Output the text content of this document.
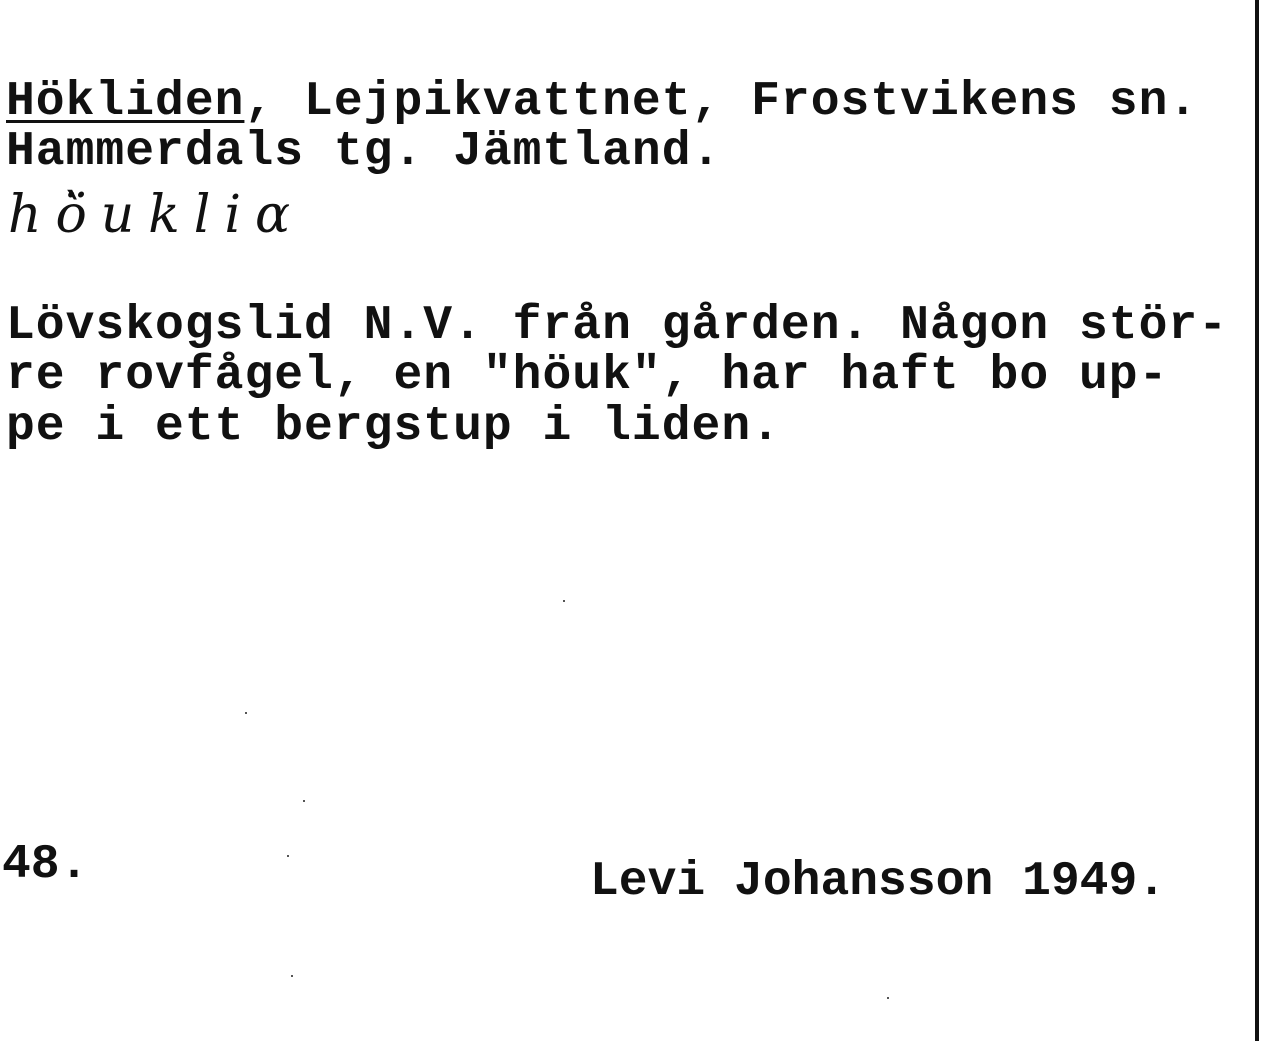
Hökliden, Lejpikvattnet, Frostvikens sn.
Hammerdals tg. Jämtland.
hö̀ukliα
Lövskogslid N.V. från gården. Någon stör-
re rovfågel, en "höuk", har haft bo up-
pe i ett bergstup i liden.
48.	Levi Johansson 1949.
